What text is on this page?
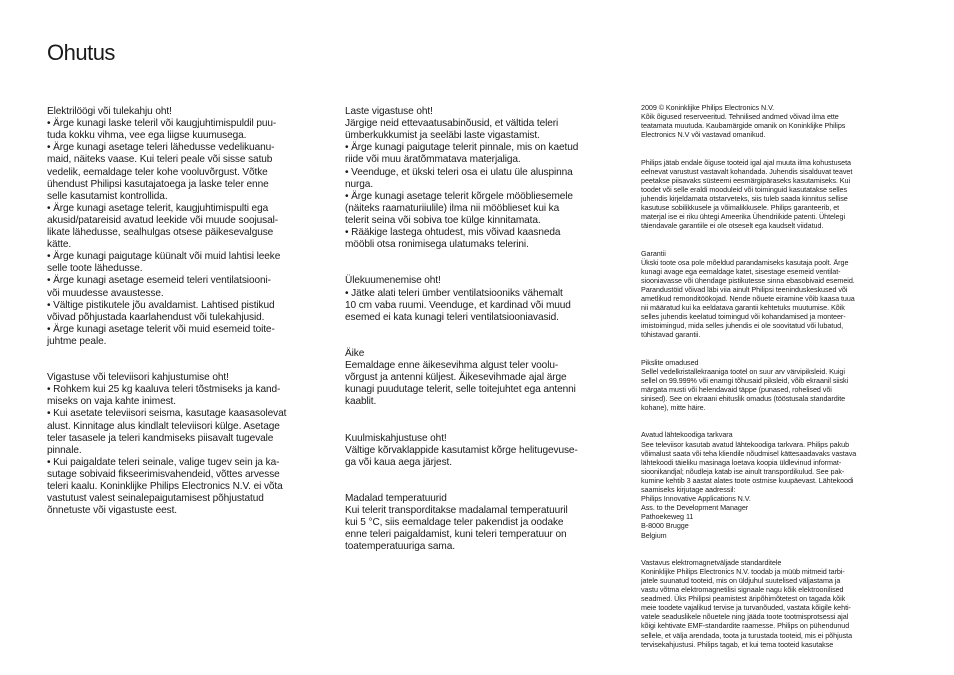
Ohutus

Elektrilöögi või tulekahju oht!
• Ärge kunagi laske teleril või kaugjuhtimispuldil puu-
tuda kokku vihma, vee ega liigse kuumusega.
• Ärge kunagi asetage teleri lähedusse vedelikuanu-
maid, näiteks vaase. Kui teleri peale või sisse satub
vedelik, eemaldage teler kohe vooluvõrgust. Võtke
ühendust Philipsi kasutajatoega ja laske teler enne
selle kasutamist kontrollida.
• Ärge kunagi asetage telerit, kaugjuhtimispulti ega
akusid/patareisid avatud leekide või muude soojusal-
likate lähedusse, sealhulgas otsese päikesevalguse
kätte.
• Ärge kunagi paigutage küünalt või muid lahtisi leeke
selle toote lähedusse.
• Ärge kunagi asetage esemeid teleri ventilatsiooni-
või muudesse avaustesse.
• Vältige pistikutele jõu avaldamist. Lahtised pistikud
võivad põhjustada kaarlahendust või tulekahjusid.
• Ärge kunagi asetage telerit või muid esemeid toite-
juhtme peale.

Vigastuse või televiisori kahjustumise oht!
• Rohkem kui 25 kg kaaluva teleri tõstmiseks ja kand-
miseks on vaja kahte inimest.
• Kui asetate televiisori seisma, kasutage kaasasolevat
alust. Kinnitage alus kindlalt televiisori külge. Asetage
teler tasasele ja teleri kandmiseks piisavalt tugevale
pinnale.
• Kui paigaldate teleri seinale, valige tugev sein ja ka-
sutage sobivaid fikseerimisvahendeid, võttes arvesse
teleri kaalu. Koninklijke Philips Electronics N.V. ei võta
vastutust valest seinalepaigutamisest põhjustatud
õnnetuste või vigastuste eest.

Laste vigastuse oht!
Järgige neid ettevaatusabinõusid, et vältida teleri
ümberkukkumist ja seeläbi laste vigastamist.
• Ärge kunagi paigutage telerit pinnale, mis on kaetud
riide või muu äratõmmatava materjaliga.
• Veenduge, et ükski teleri osa ei ulatu üle aluspinna
nurga.
• Ärge kunagi asetage telerit kõrgele mööbliesemele
(näiteks raamaturiiulile) ilma nii mööblieset kui ka
telerit seina või sobiva toe külge kinnitamata.
• Rääkige lastega ohtudest, mis võivad kaasneda
mööbli otsa ronimisega ulatumaks telerini.

Ülekuumenemise oht!
• Jätke alati teleri ümber ventilatsiooniks vähemalt
10 cm vaba ruumi. Veenduge, et kardinad või muud
esemed ei kata kunagi teleri ventilatsiooniavasid.

Äike
Eemaldage enne äikesevihma algust teler voolu-
võrgust ja antenni küljest. Äikesevihmade ajal ärge
kunagi puudutage telerit, selle toitejuhtet ega antenni
kaablit.

Kuulmiskahjustuse oht!
Vältige kõrvaklappide kasutamist kõrge helitugevuse-
ga või kaua aega järjest.

Madalad temperatuurid
Kui telerit transporditakse madalamal temperatuuril
kui 5 °C, siis eemaldage teler pakendist ja oodake
enne teleri paigaldamist, kuni teleri temperatuur on
toatemperatuuriga sama.

2009 © Koninklijke Philips Electronics N.V.
Kõik õigused reserveeritud. Tehnilised andmed võivad ilma ette
teatamata muutuda. Kaubamärgide omanik on Koninklijke Philips
Electronics N.V või vastavad omanikud.

Philips jätab endale õiguse tooteid igal ajal muuta ilma kohustuseta
eelnevat varustust vastavalt kohandada. Juhendis sisalduvat teavet
peetakse piisavaks süsteemi eesmärgipäraseks kasutamiseks. Kui
toodet või selle eraldi mooduleid või toiminguid kasutatakse selles
juhendis kirjeldamata otstarveteks, siis tuleb saada kinnitus sellise
kasutuse sobilikkusele ja võimalikkusele. Philips garanteerib, et
materjal ise ei riku ühtegi Ameerika Ühendriikide patenti. Ühtelegi
täiendavale garantiile ei ole otseselt ega kaudselt viidatud.

Garantii
Ükski toote osa pole mõeldud parandamiseks kasutaja poolt. Ärge
kunagi avage ega eemaldage katet, sisestage esemeid ventilat-
siooniavasse või ühendage pistikutesse sinna ebasobivaid esemeid.
Parandustöid võivad läbi viia ainult Philipsi teeninduskeskused või
ametlikud remonditöökojad. Nende nõuete eiramine võib kaasa tuua
nii määratud kui ka eeldatava garantii kehtetuks muutumise. Kõik
selles juhendis keelatud toimingud või kohandamised ja monteer-
imistoimingud, mida selles juhendis ei ole soovitatud või lubatud,
tühistavad garantii.

Pikslite omadused
Sellel vedelkristallekraaniga tootel on suur arv värvipiksleid. Kuigi
sellel on 99.999% või enamgi tõhusaid piksleid, võib ekraanil siiski
märgata musti või helendavaid täppe (punased, rohelised või
sinised). See on ekraani ehituslik omadus (tööstusala standardite
kohane), mitte häire.

Avatud lähtekoodiga tarkvara
See televiisor kasutab avatud lähtekoodiga tarkvara. Philips pakub
võimalust saata või teha kliendile nõudmisel kättesaadavaks vastava
lähtekoodi täieliku masinaga loetava koopia üldlevinud informat-
sioonikandjal; nõudleja katab ise ainult transpordikulud. See pak-
kumine kehtib 3 aastat alates toote ostmise kuupäevast. Lähtekoodi
saamiseks kirjutage aadressil:
Philips Innovative Applications N.V.
Ass. to the Development Manager
Pathoekeweg 11
B-8000 Brugge
Belgium

Vastavus elektromagnetväljade standarditele
Koninklijke Philips Electronics N.V. toodab ja müüb mitmeid tarbi-
jatele suunatud tooteid, mis on üldjuhul suutelised väljastama ja
vastu võtma elektromagnetilisi signaale nagu kõik elektroonilised
seadmed. Üks Philipsi peamistest äripõhimõtetest on tagada kõik
meie toodete vajalikud tervise ja turvanõuded, vastata kõigile kehti-
vatele seaduslikele nõuetele ning jääda toote tootmisprotsessi ajal
kõigi kehtivate EMF-standardite raamesse. Philips on pühendunud
sellele, et välja arendada, toota ja turustada tooteid, mis ei põhjusta
tervisekahjustusi. Philips tagab, et kui tema tooteid kasutakse
